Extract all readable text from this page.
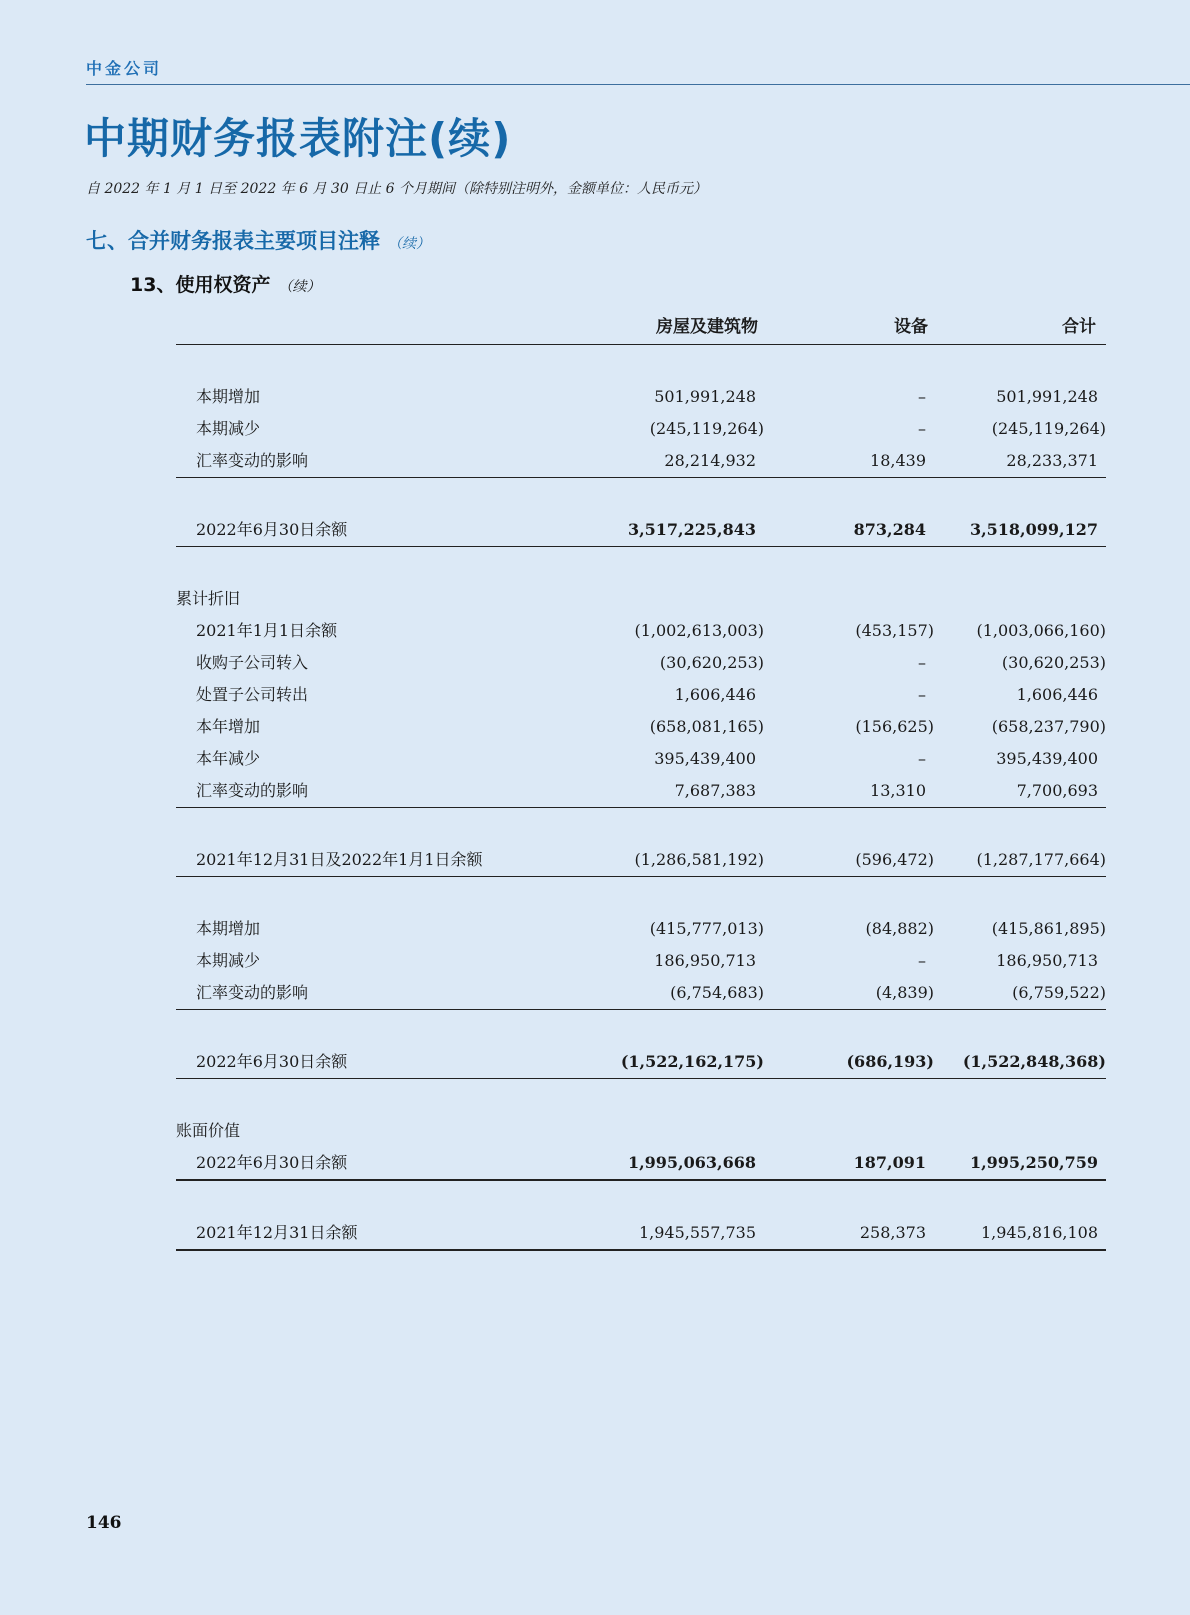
中金公司
中期财务报表附注(续)
自 2022 年 1 月 1 日至 2022 年 6 月 30 日止 6 个月期间（除特别注明外，金额单位：人民币元）
七、合并财务报表主要项目注释 （续）
13、使用权资产 （续）
房屋及建筑物	设备	合计
本期增加	501,991,248	–	501,991,248
本期减少	(245,119,264)	–	(245,119,264)
汇率变动的影响	28,214,932	18,439	28,233,371
2022年6月30日余额	3,517,225,843	873,284	3,518,099,127
累计折旧
2021年1月1日余额	(1,002,613,003)	(453,157)	(1,003,066,160)
收购子公司转入	(30,620,253)	–	(30,620,253)
处置子公司转出	1,606,446	–	1,606,446
本年增加	(658,081,165)	(156,625)	(658,237,790)
本年减少	395,439,400	–	395,439,400
汇率变动的影响	7,687,383	13,310	7,700,693
2021年12月31日及2022年1月1日余额	(1,286,581,192)	(596,472)	(1,287,177,664)
本期增加	(415,777,013)	(84,882)	(415,861,895)
本期减少	186,950,713	–	186,950,713
汇率变动的影响	(6,754,683)	(4,839)	(6,759,522)
2022年6月30日余额	(1,522,162,175)	(686,193) (1,522,848,368)
账面价值
2022年6月30日余额	1,995,063,668	187,091	1,995,250,759
2021年12月31日余额	1,945,557,735	258,373	1,945,816,108
146
